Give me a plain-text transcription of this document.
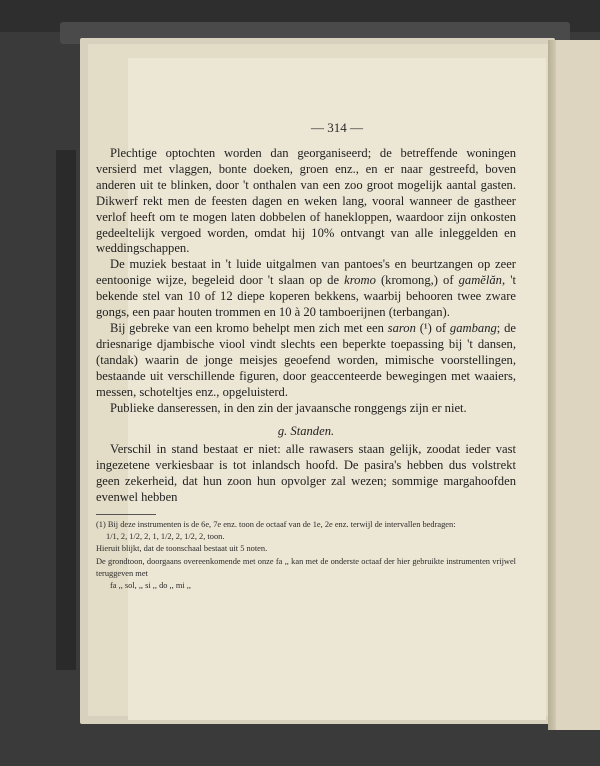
— 314 —

Plechtige optochten worden dan georganiseerd; de betreffende woningen versierd met vlaggen, bonte doeken, groen enz., en er naar gestreefd, boven anderen uit te blinken, door 't onthalen van een zoo groot mogelijk aantal gasten. Dikwerf rekt men de feesten dagen en weken lang, vooral wanneer de gastheer verlof heeft om te mogen laten dobbelen of hanekloppen, waardoor zijn onkosten gedeeltelijk vergoed worden, omdat hij 10% ontvangt van alle inleggelden en weddingschappen.

De muziek bestaat in 't luide uitgalmen van pantoes's en beurtzangen op zeer eentoonige wijze, begeleid door 't slaan op de kromo (kromong,) of gamĕlăn, 't bekende stel van 10 of 12 diepe koperen bekkens, waarbij behooren twee zware gongs, een paar houten trommen en 10 à 20 tamboerijnen (terbangan).

Bij gebreke van een kromo behelpt men zich met een saron (¹) of gambang; de driesnarige djambische viool vindt slechts een beperkte toepassing bij 't dansen, (tandak) waarin de jonge meisjes geoefend worden, mimische voorstellingen, bestaande uit verschillende figuren, door geaccenteerde bewegingen met waaiers, messen, schoteltjes enz., opgeluisterd.

Publieke danseressen, in den zin der javaansche ronggengs zijn er niet.

g. Standen.

Verschil in stand bestaat er niet: alle rawasers staan gelijk, zoodat ieder vast ingezetene verkiesbaar is tot inlandsch hoofd. De pasira's hebben dus volstrekt geen zekerheid, dat hun zoon hun opvolger zal wezen; sommige margahoofden evenwel hebben

(1) Bij deze instrumenten is de 6e, 7e enz. toon de octaaf van de 1e, 2e enz. terwijl de intervallen bedragen:
1/1, 2, 1/2, 2, 1, 1/2, 2, 1/2, 2, toon.
Hieruit blijkt, dat de toonschaal bestaat uit 5 noten.
De grondtoon, doorgaans overeenkomende met onze fa ,, kan met de onderste octaaf der hier gebruikte instrumenten vrijwel teruggeven met
fa ,, sol, ,, si ,, do ,, mi ,,
